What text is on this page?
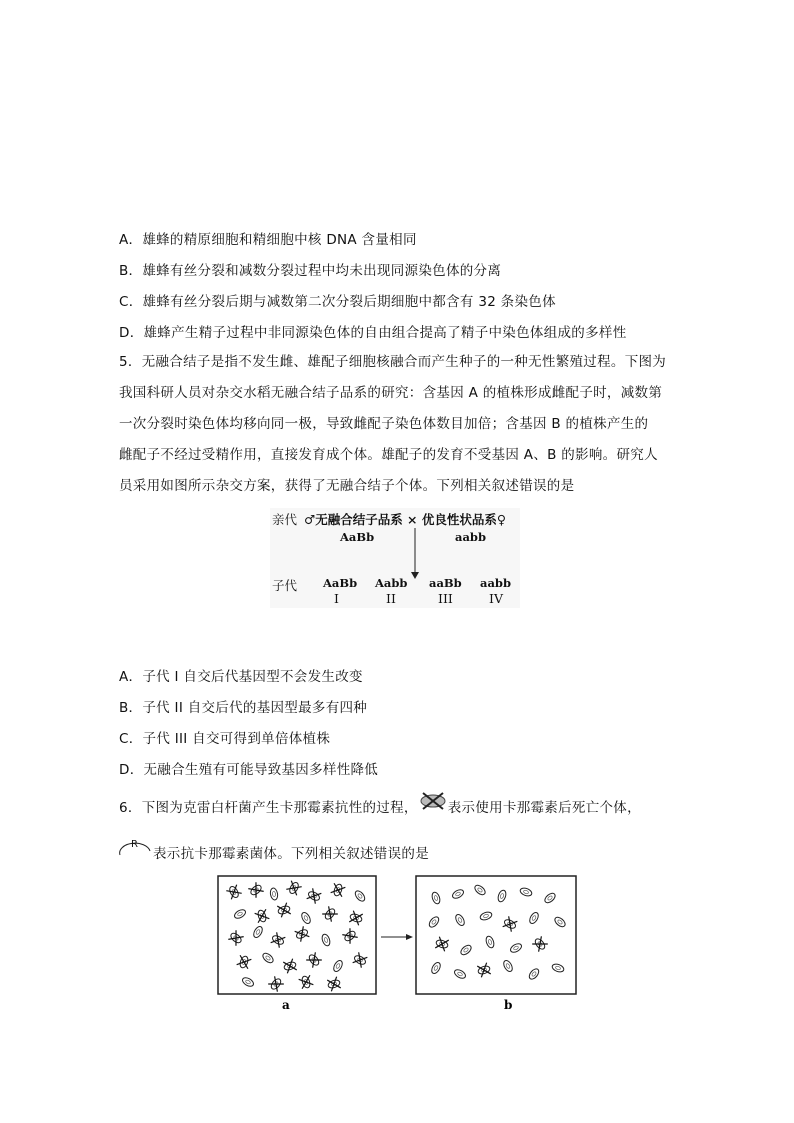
A．雄蜂的精原细胞和精细胞中核 DNA 含量相同
B．雄蜂有丝分裂和减数分裂过程中均未出现同源染色体的分离
C．雄蜂有丝分裂后期与减数第二次分裂后期细胞中都含有 32 条染色体
D．雄蜂产生精子过程中非同源染色体的自由组合提高了精子中染色体组成的多样性
5．无融合结子是指不发生雌、雄配子细胞核融合而产生种子的一种无性繁殖过程。下图为
我国科研人员对杂交水稻无融合结子品系的研究：含基因 A 的植株形成雌配子时，减数第
一次分裂时染色体均移向同一极，导致雌配子染色体数目加倍；含基因 B 的植株产生的
雌配子不经过受精作用，直接发育成个体。雄配子的发育不受基因 A、B 的影响。研究人
员采用如图所示杂交方案，获得了无融合结子个体。下列相关叙述错误的是
亲代 ♂无融合结子品系 × 优良性状品系♀
AaBb	aabb
子代 AaBb Aabb aaBb aabb
I	II	III	IV
A．子代 I 自交后代基因型不会发生改变
B．子代 II 自交后代的基因型最多有四种
C．子代 III 自交可得到单倍体植株
D．无融合生殖有可能导致基因多样性降低
6．下图为克雷白杆菌产生卡那霉素抗性的过程， 表示使用卡那霉素后死亡个体，
R
表示抗卡那霉素菌体。下列相关叙述错误的是
a	b
